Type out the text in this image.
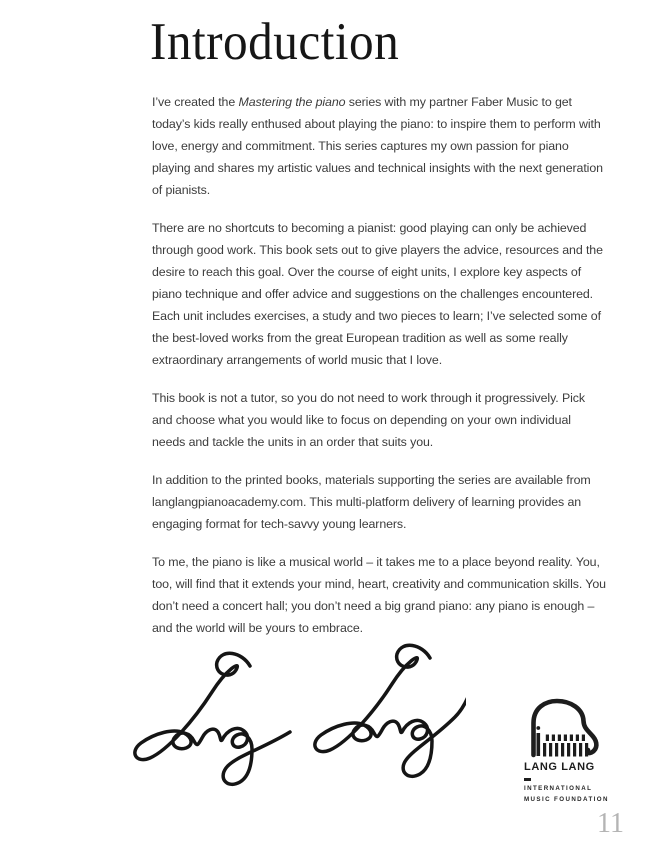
Introduction

I’ve created the Mastering the piano series with my partner Faber Music to get today’s kids really enthused about playing the piano: to inspire them to perform with love, energy and commitment. This series captures my own passion for piano playing and shares my artistic values and technical insights with the next generation of pianists.

There are no shortcuts to becoming a pianist: good playing can only be achieved through good work. This book sets out to give players the advice, resources and the desire to reach this goal. Over the course of eight units, I explore key aspects of piano technique and offer advice and suggestions on the challenges encountered. Each unit includes exercises, a study and two pieces to learn; I’ve selected some of the best-loved works from the great European tradition as well as some really extraordinary arrangements of world music that I love.

This book is not a tutor, so you do not need to work through it progressively. Pick and choose what you would like to focus on depending on your own individual needs and tackle the units in an order that suits you.

In addition to the printed books, materials supporting the series are available from langlangpianoacademy.com. This multi-platform delivery of learning provides an engaging format for tech-savvy young learners.

To me, the piano is like a musical world – it takes me to a place beyond reality. You, too, will find that it extends your mind, heart, creativity and communication skills. You don’t need a concert hall; you don’t need a big grand piano: any piano is enough – and the world will be yours to embrace.

LANG LANG
INTERNATIONAL
MUSIC FOUNDATION
11
